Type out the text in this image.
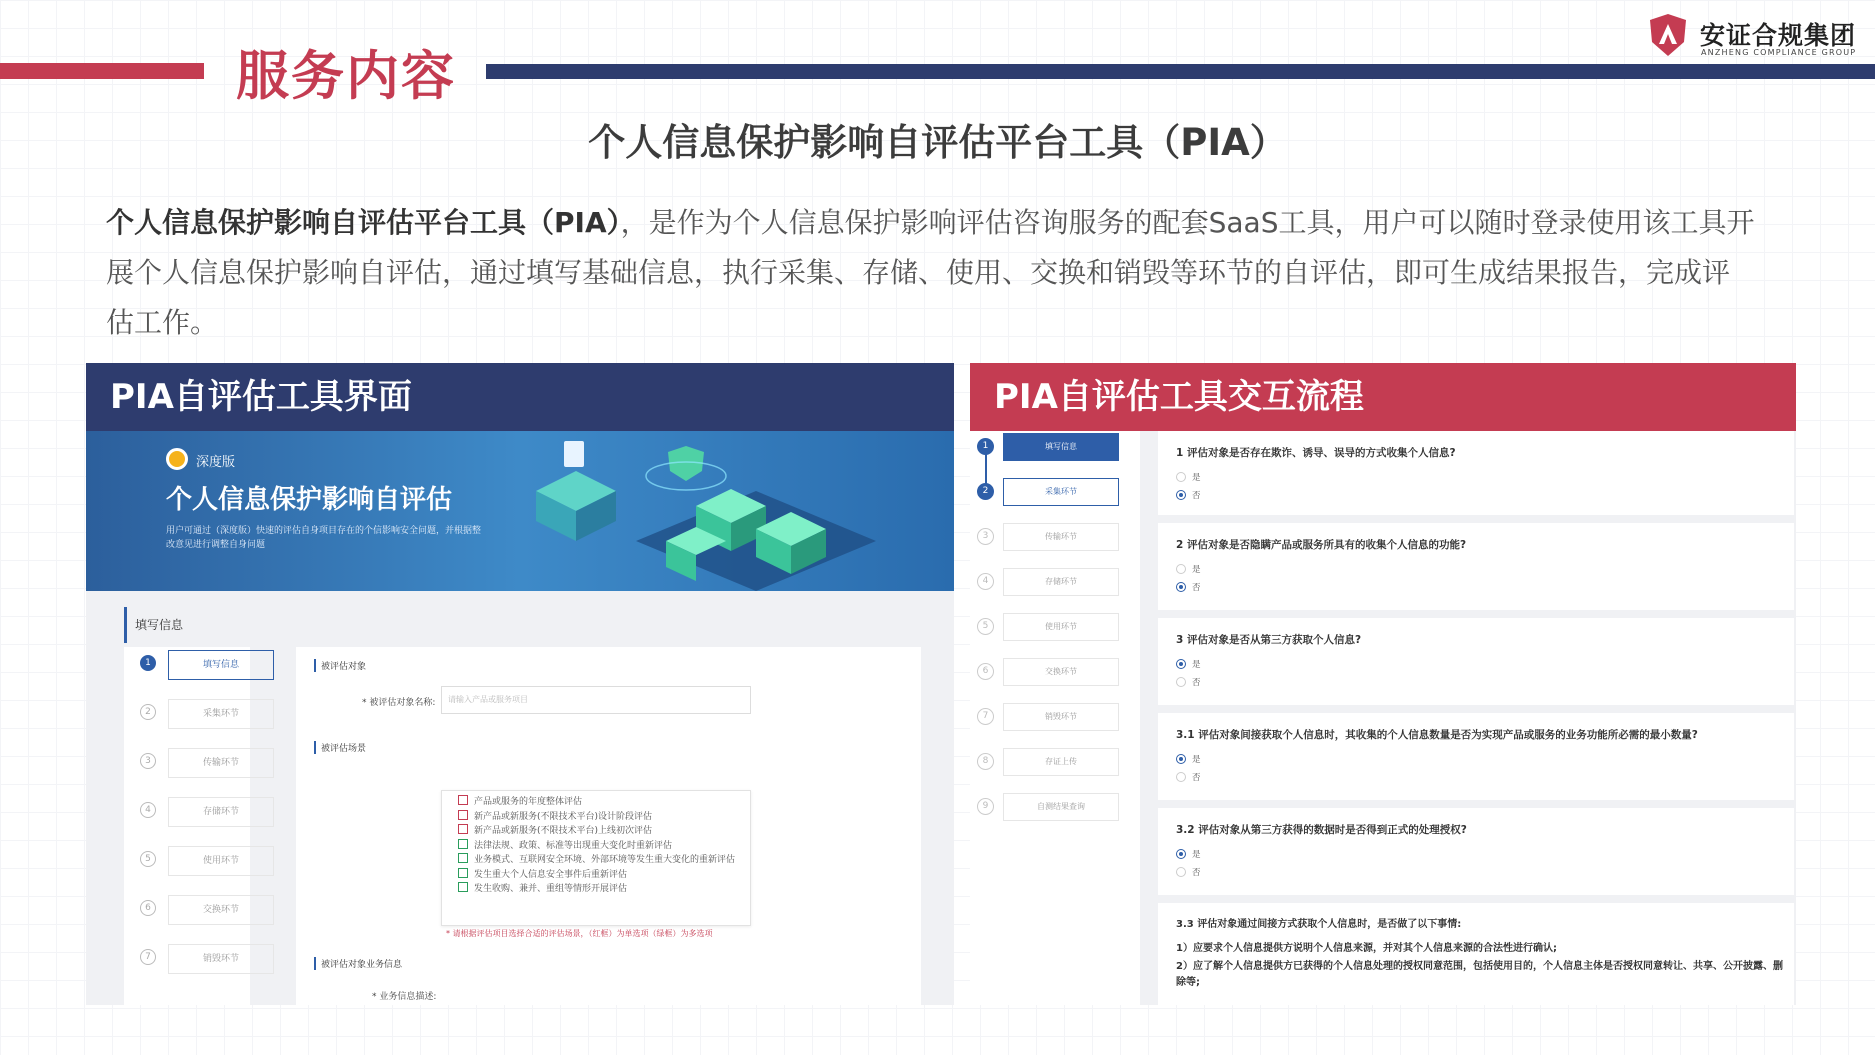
服务内容
安证合规集团
ANZHENG COMPLIANCE GROUP
个人信息保护影响自评估平台工具（PIA）
个人信息保护影响自评估平台工具（PIA），是作为个人信息保护影响评估咨询服务的配套SaaS工具，用户可以随时登录使用该工具开展个人信息保护影响自评估，通过填写基础信息，执行采集、存储、使用、交换和销毁等环节的自评估，即可生成结果报告，完成评估工作。
PIA自评估工具界面
深度版
个人信息保护影响自评估
用户可通过（深度版）快速的评估自身项目存在的个信影响安全问题，并根据整改意见进行调整自身问题
填写信息
1	填写信息
2	采集环节
3	传输环节
4	存储环节
5	使用环节
6	交换环节
7	销毁环节
被评估对象
* 被评估对象名称:	请输入产品或服务项目
被评估场景
产品或服务的年度整体评估
新产品或新服务(不限技术平台)设计阶段评估
新产品或新服务(不限技术平台)上线初次评估
法律法规、政策、标准等出现重大变化时重新评估
业务模式、互联网安全环境、外部环境等发生重大变化的重新评估
发生重大个人信息安全事件后重新评估
发生收购、兼并、重组等情形开展评估
* 请根据评估项目选择合适的评估场景，（红框）为单选项（绿框）为多选项
被评估对象业务信息
* 业务信息描述:
PIA自评估工具交互流程
1	填写信息
2	采集环节
3	传输环节
4	存储环节
5	使用环节
6	交换环节
7	销毁环节
8	存证上传
9	自测结果查询
1 评估对象是否存在欺诈、诱导、误导的方式收集个人信息?
是
否
2 评估对象是否隐瞒产品或服务所具有的收集个人信息的功能?
是
否
3 评估对象是否从第三方获取个人信息?
是
否
3.1 评估对象间接获取个人信息时，其收集的个人信息数量是否为实现产品或服务的业务功能所必需的最小数量?
是
否
3.2 评估对象从第三方获得的数据时是否得到正式的处理授权?
是
否
3.3 评估对象通过间接方式获取个人信息时，是否做了以下事情:
1）应要求个人信息提供方说明个人信息来源，并对其个人信息来源的合法性进行确认;
2）应了解个人信息提供方已获得的个人信息处理的授权同意范围，包括使用目的，个人信息主体是否授权同意转让、共享、公开披露、删除等;
